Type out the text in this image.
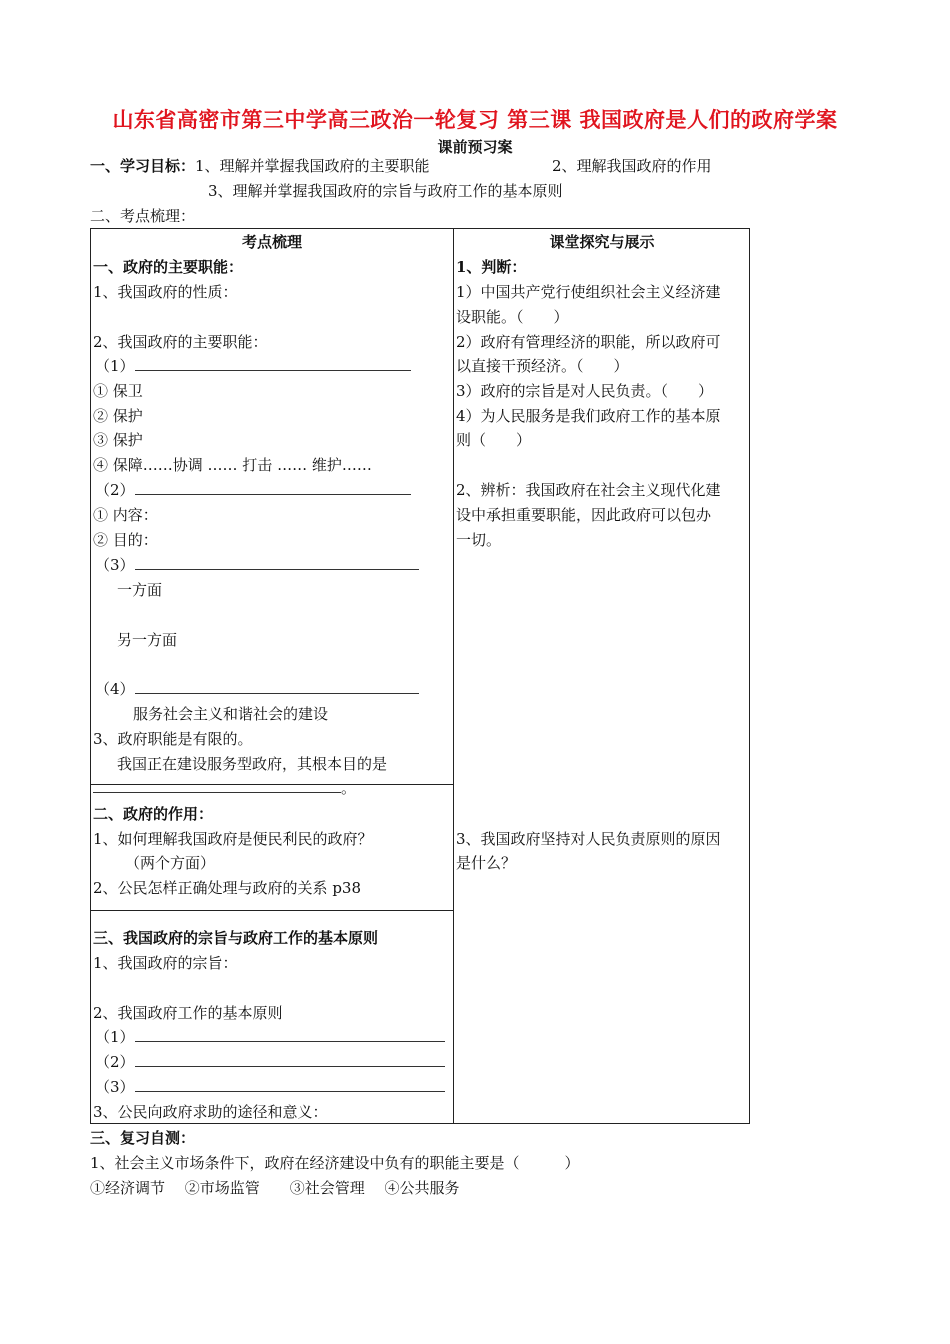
山东省高密市第三中学高三政治一轮复习 第三课 我国政府是人们的政府学案
课前预习案
一、学习目标：1、理解并掌握我国政府的主要职能	2、理解我国政府的作用
3、理解并掌握我国政府的宗旨与政府工作的基本原则
二、考点梳理：
考点梳理	课堂探究与展示
一、政府的主要职能：
1、我国政府的性质：
2、我国政府的主要职能：
（1）
① 保卫
② 保护
③ 保护
④ 保障……协调 …… 打击 …… 维护……
（2）
① 内容：
② 目的：
（3）
一方面
另一方面
（4）
服务社会主义和谐社会的建设
3、政府职能是有限的。
我国正在建设服务型政府，其根本目的是
。
二、政府的作用：
1、如何理解我国政府是便民利民的政府？
（两个方面）
2、公民怎样正确处理与政府的关系 p38
三、我国政府的宗旨与政府工作的基本原则
1、我国政府的宗旨：
2、我国政府工作的基本原则
（1）
（2）
（3）
3、公民向政府求助的途径和意义：
1、判断：
1）中国共产党行使组织社会主义经济建
设职能。（　　）
2）政府有管理经济的职能，所以政府可
以直接干预经济。（　　）
3）政府的宗旨是对人民负责。（　　）
4）为人民服务是我们政府工作的基本原
则（　　）
2、辨析：我国政府在社会主义现代化建
设中承担重要职能，因此政府可以包办
一切。
3、我国政府坚持对人民负责原则的原因
是什么？
三、复习自测：
1、社会主义市场条件下，政府在经济建设中负有的职能主要是（　　　）
①经济调节　 ②市场监管　　③社会管理　 ④公共服务
